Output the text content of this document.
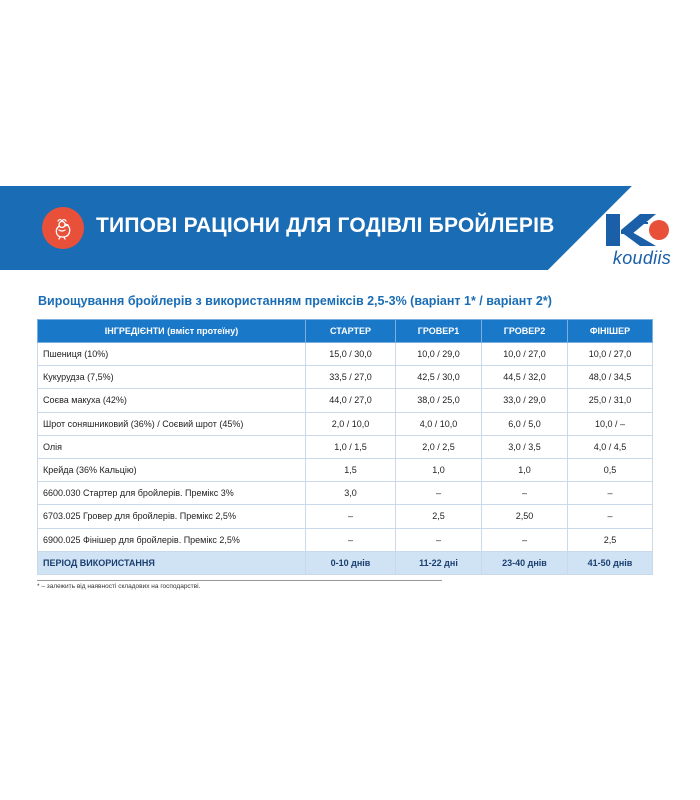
ТИПОВІ РАЦІОНИ ДЛЯ ГОДІВЛІ БРОЙЛЕРІВ
koudiis
Вирощування бройлерів з використанням преміксів 2,5-3% (варіант 1* / варіант 2*)
ІНГРЕДІЄНТИ (вміст протеїну)	СТАРТЕР	ГРОВЕР1	ГРОВЕР2	ФІНІШЕР
Пшениця (10%)	15,0 / 30,0	10,0 / 29,0	10,0 / 27,0	10,0 / 27,0
Кукурудза (7,5%)	33,5 / 27,0	42,5 / 30,0	44,5 / 32,0	48,0 / 34,5
Соєва макуха (42%)	44,0 / 27,0	38,0 / 25,0	33,0 / 29,0	25,0 / 31,0
Шрот соняшниковий (36%) / Соєвий шрот (45%)	2,0 / 10,0	4,0 / 10,0	6,0 / 5,0	10,0 / –
Олія	1,0 / 1,5	2,0 / 2,5	3,0 / 3,5	4,0 / 4,5
Крейда (36% Кальцію)	1,5	1,0	1,0	0,5
6600.030 Стартер для бройлерів. Премікс 3%	3,0	–	–	–
6703.025 Гровер для бройлерів. Премікс 2,5%	–	2,5	2,50	–
6900.025 Фінішер для бройлерів. Премікс 2,5%	–	–	–	2,5
ПЕРІОД ВИКОРИСТАННЯ	0-10 днів	11-22 дні	23-40 днів	41-50 днів
* – залежить від наявності складових на господарстві.
